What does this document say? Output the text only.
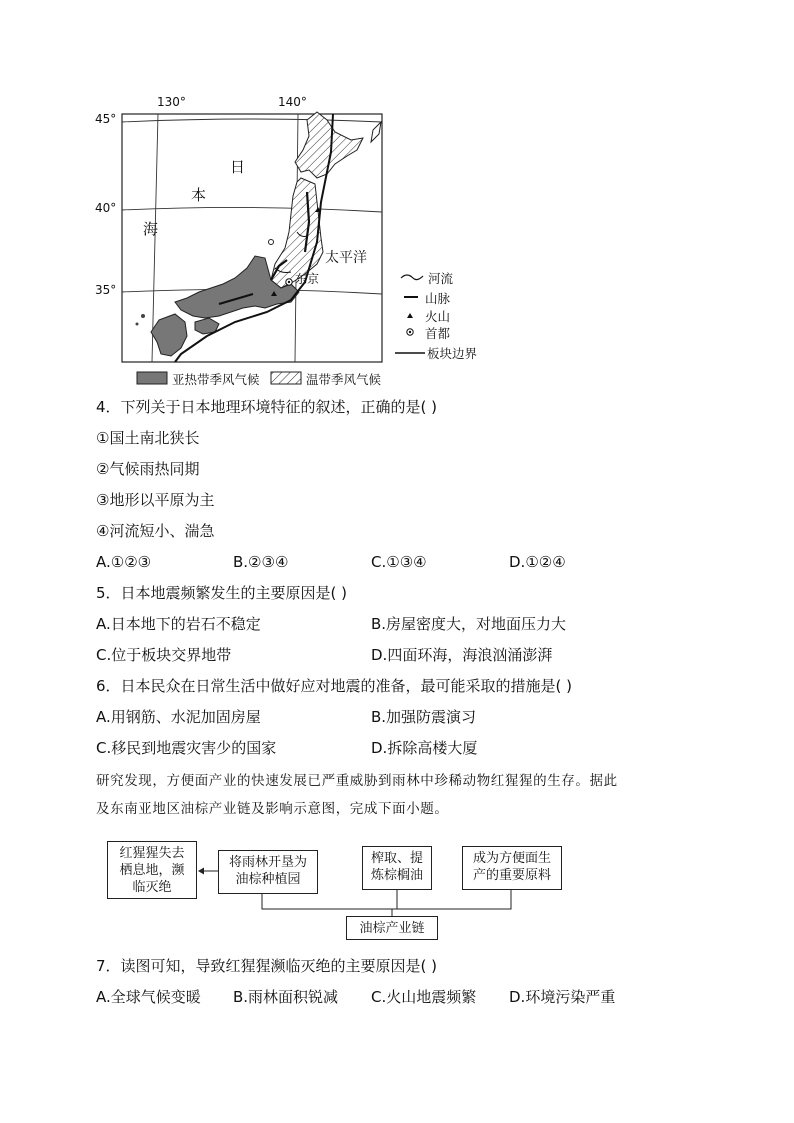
130°	140°
45°
40°
35°
日
本
海
太平洋
东京	河流
山脉
火山
首都
板块边界
亚热带季风气候	温带季风气候
4．下列关于日本地理环境特征的叙述，正确的是( )
①国土南北狭长
②气候雨热同期
③地形以平原为主
④河流短小、湍急
A.①②③	B.②③④	C.①③④	D.①②④
5．日本地震频繁发生的主要原因是( )
A.日本地下的岩石不稳定	B.房屋密度大，对地面压力大
C.位于板块交界地带	D.四面环海，海浪汹涌澎湃
6．日本民众在日常生活中做好应对地震的准备，最可能采取的措施是( )
A.用钢筋、水泥加固房屋	B.加强防震演习
C.移民到地震灾害少的国家	D.拆除高楼大厦
研究发现，方便面产业的快速发展已严重威胁到雨林中珍稀动物红猩猩的生存。据此
及东南亚地区油棕产业链及影响示意图，完成下面小题。
红猩猩失去
栖息地，濒
临灭绝
将雨林开垦为
油棕种植园
榨取、提
炼棕榈油
成为方便面生
产的重要原料
油棕产业链
7．读图可知，导致红猩猩濒临灭绝的主要原因是( )
A.全球气候变暖 B.雨林面积锐减 C.火山地震频繁 D.环境污染严重
